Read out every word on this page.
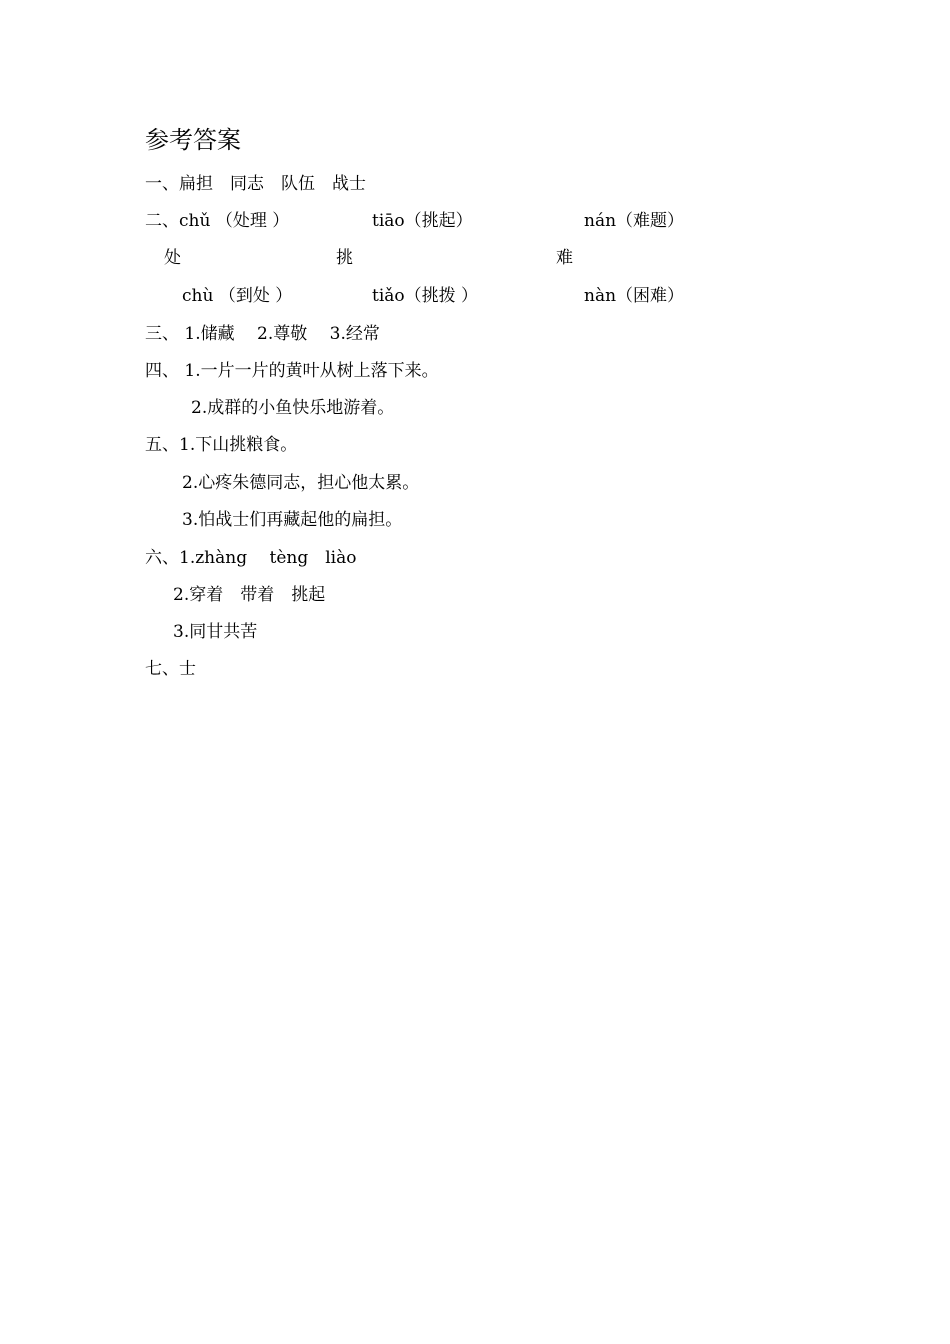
参考答案
一、扁担　同志　队伍　战士
二、chǔ （处理 ）	tiāo（挑起）	nán（难题）
处	挑	难
chù （到处 ）	tiǎo（挑拨 ）	nàn（困难）
三、 1.储藏　 2.尊敬　 3.经常
四、 1.一片一片的黄叶从树上落下来。
2.成群的小鱼快乐地游着。
五、1.下山挑粮食。
2.心疼朱德同志，担心他太累。
3.怕战士们再藏起他的扁担。
六、1.zhàng　 tèng　liào
2.穿着　带着　挑起
3.同甘共苦
七、士
